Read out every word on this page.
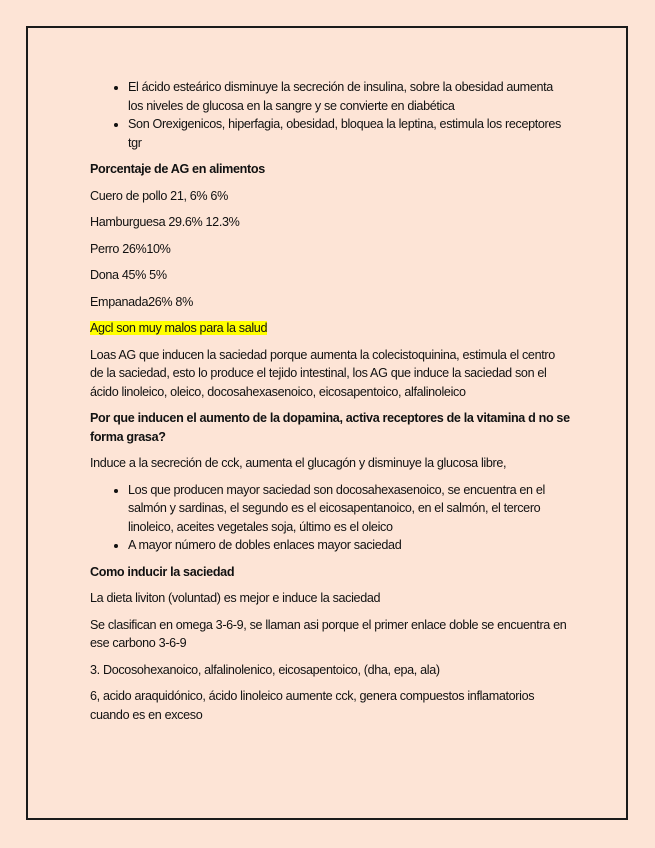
• El ácido esteárico disminuye la secreción de insulina, sobre la obesidad aumenta los niveles de glucosa en la sangre y se convierte en diabética
• Son Orexigenicos, hiperfagia, obesidad, bloquea la leptina, estimula los receptores tgr

Porcentaje de AG en alimentos

Cuero de pollo 21, 6% 6%

Hamburguesa 29.6% 12.3%

Perro 26%10%

Dona 45% 5%

Empanada26% 8%

Agcl son muy malos para la salud

Loas AG que inducen la saciedad porque aumenta la colecistoquinina, estimula el centro de la saciedad, esto lo produce el tejido intestinal, los AG que induce la saciedad son el ácido linoleico, oleico, docosahexasenoico, eicosapentoico, alfalinoleico

Por que inducen el aumento de la dopamina, activa receptores de la vitamina d no se forma grasa?

Induce a la secreción de cck, aumenta el glucagón y disminuye la glucosa libre,

• Los que producen mayor saciedad son docosahexasenoico, se encuentra en el salmón y sardinas, el segundo es el eicosapentanoico, en el salmón, el tercero linoleico, aceites vegetales soja, último es el oleico
• A mayor número de dobles enlaces mayor saciedad

Como inducir la saciedad

La dieta liviton (voluntad) es mejor e induce la saciedad

Se clasifican en omega 3-6-9, se llaman asi porque el primer enlace doble se encuentra en ese carbono 3-6-9

3. Docosohexanoico, alfalinolenico, eicosapentoico, (dha, epa, ala)

6, acido araquidónico, ácido linoleico aumente cck, genera compuestos inflamatorios cuando es en exceso
